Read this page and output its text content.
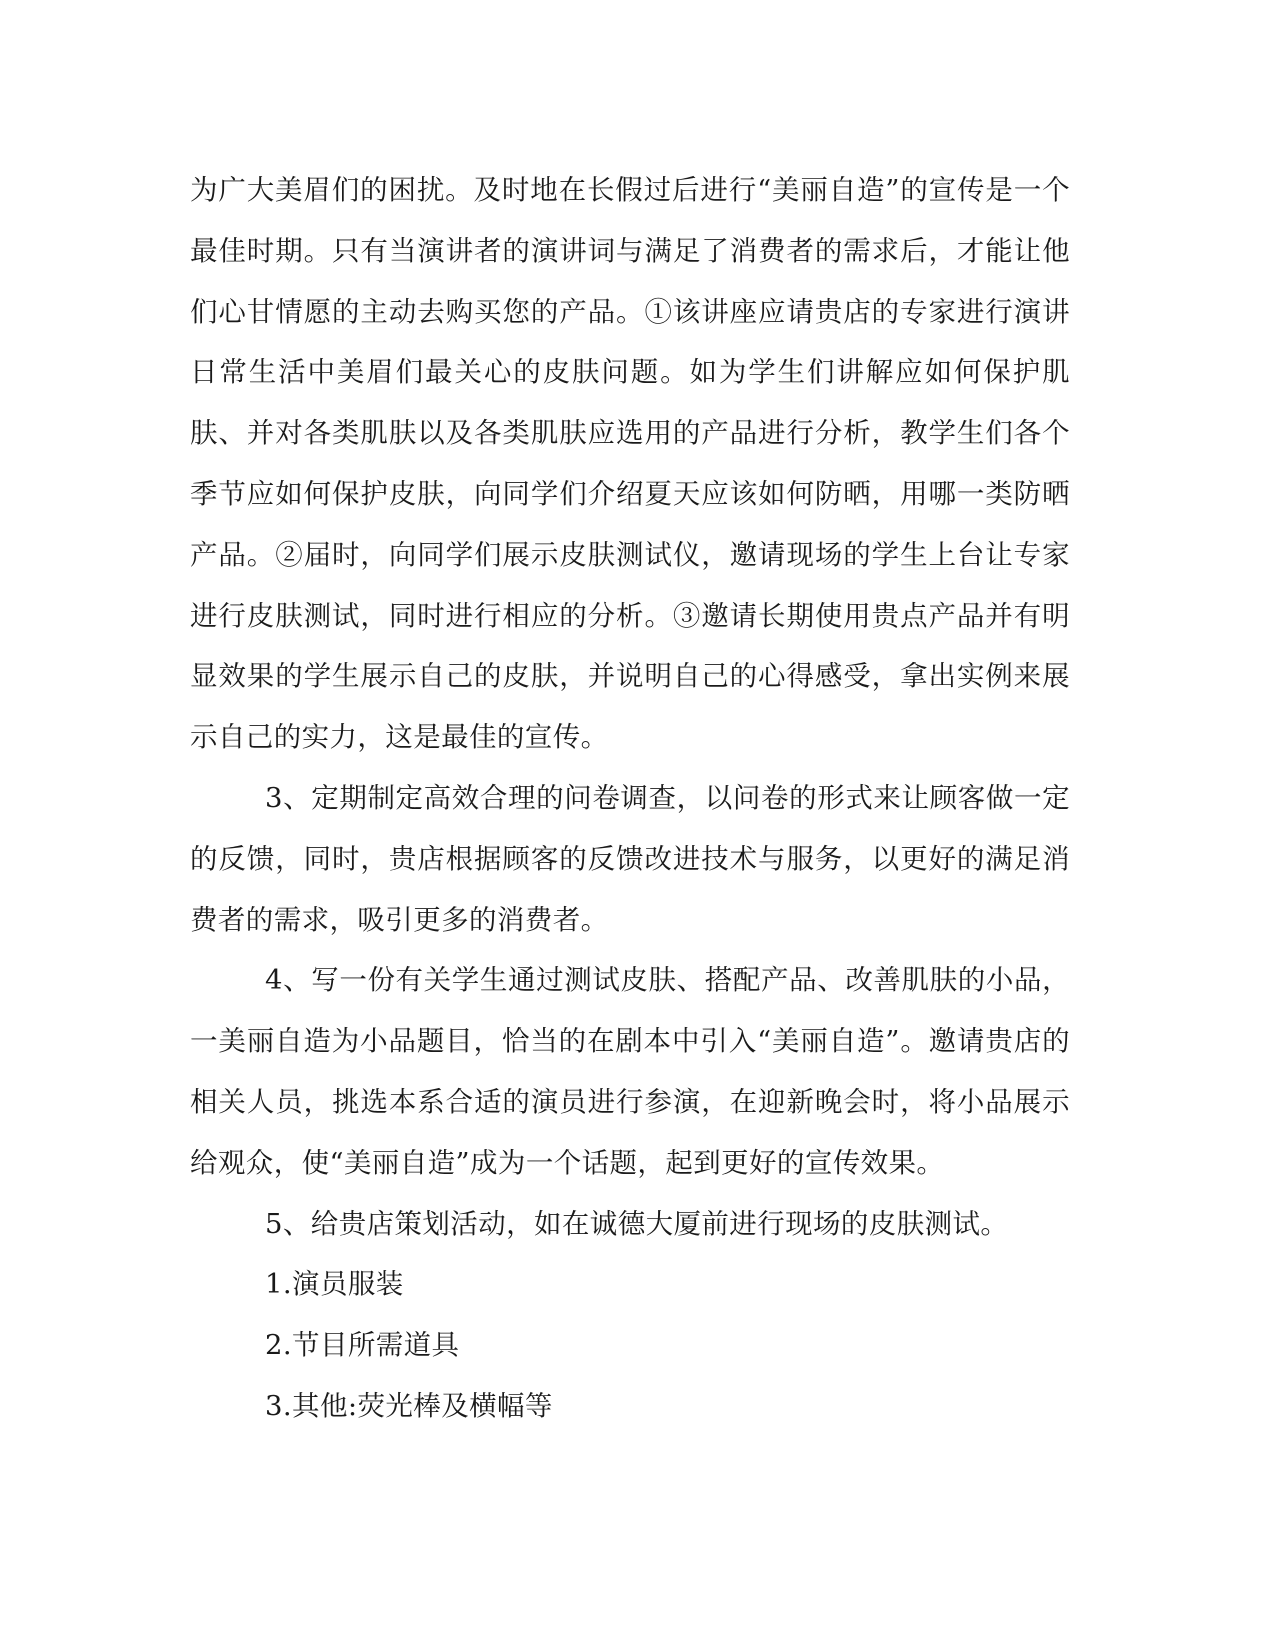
为广大美眉们的困扰。及时地在长假过后进行“美丽自造”的宣传是一个最佳时期。只有当演讲者的演讲词与满足了消费者的需求后，才能让他们心甘情愿的主动去购买您的产品。①该讲座应请贵店的专家进行演讲日常生活中美眉们最关心的皮肤问题。如为学生们讲解应如何保护肌肤、并对各类肌肤以及各类肌肤应选用的产品进行分析，教学生们各个季节应如何保护皮肤，向同学们介绍夏天应该如何防晒，用哪一类防晒产品。②届时，向同学们展示皮肤测试仪，邀请现场的学生上台让专家进行皮肤测试，同时进行相应的分析。③邀请长期使用贵点产品并有明显效果的学生展示自己的皮肤，并说明自己的心得感受，拿出实例来展示自己的实力，这是最佳的宣传。

3、定期制定高效合理的问卷调查，以问卷的形式来让顾客做一定的反馈，同时，贵店根据顾客的反馈改进技术与服务，以更好的满足消费者的需求，吸引更多的消费者。

4、写一份有关学生通过测试皮肤、搭配产品、改善肌肤的小品，一美丽自造为小品题目，恰当的在剧本中引入“美丽自造”。邀请贵店的相关人员，挑选本系合适的演员进行参演，在迎新晚会时，将小品展示给观众，使“美丽自造”成为一个话题，起到更好的宣传效果。

5、给贵店策划活动，如在诚德大厦前进行现场的皮肤测试。

1.演员服装

2.节目所需道具

3.其他:荧光棒及横幅等
